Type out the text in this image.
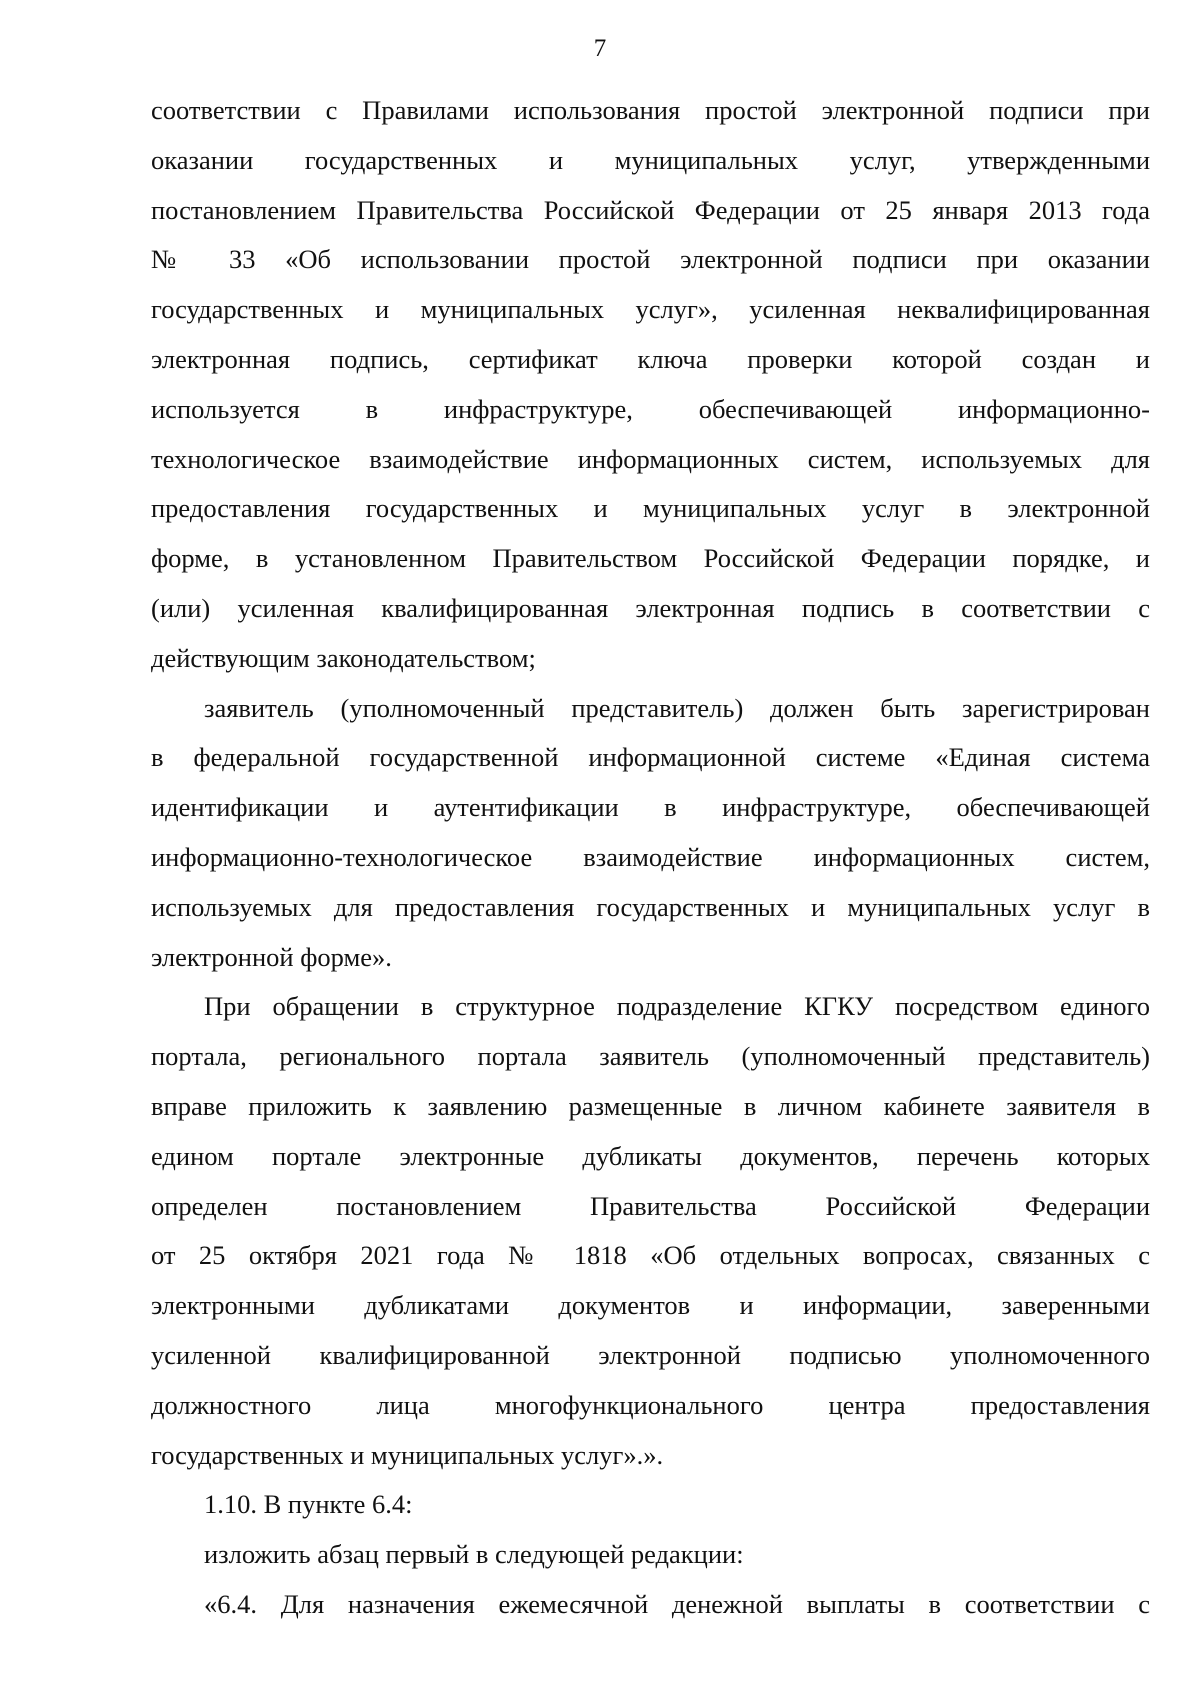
7
соответствии с Правилами использования простой электронной подписи при
оказании государственных и муниципальных услуг, утвержденными
постановлением Правительства Российской Федерации от 25 января 2013 года
№ 33 «Об использовании простой электронной подписи при оказании
государственных и муниципальных услуг», усиленная неквалифицированная
электронная подпись, сертификат ключа проверки которой создан и
используется в инфраструктуре, обеспечивающей информационно-
технологическое взаимодействие информационных систем, используемых для
предоставления государственных и муниципальных услуг в электронной
форме, в установленном Правительством Российской Федерации порядке, и
(или) усиленная квалифицированная электронная подпись в соответствии с
действующим законодательством;
заявитель (уполномоченный представитель) должен быть зарегистрирован
в федеральной государственной информационной системе «Единая система
идентификации и аутентификации в инфраструктуре, обеспечивающей
информационно-технологическое взаимодействие информационных систем,
используемых для предоставления государственных и муниципальных услуг в
электронной форме».
При обращении в структурное подразделение КГКУ посредством единого
портала, регионального портала заявитель (уполномоченный представитель)
вправе приложить к заявлению размещенные в личном кабинете заявителя в
едином портале электронные дубликаты документов, перечень которых
определен постановлением Правительства Российской Федерации
от 25 октября 2021 года № 1818 «Об отдельных вопросах, связанных с
электронными дубликатами документов и информации, заверенными
усиленной квалифицированной электронной подписью уполномоченного
должностного лица многофункционального центра предоставления
государственных и муниципальных услуг».».
1.10. В пункте 6.4:
изложить абзац первый в следующей редакции:
«6.4. Для назначения ежемесячной денежной выплаты в соответствии с
